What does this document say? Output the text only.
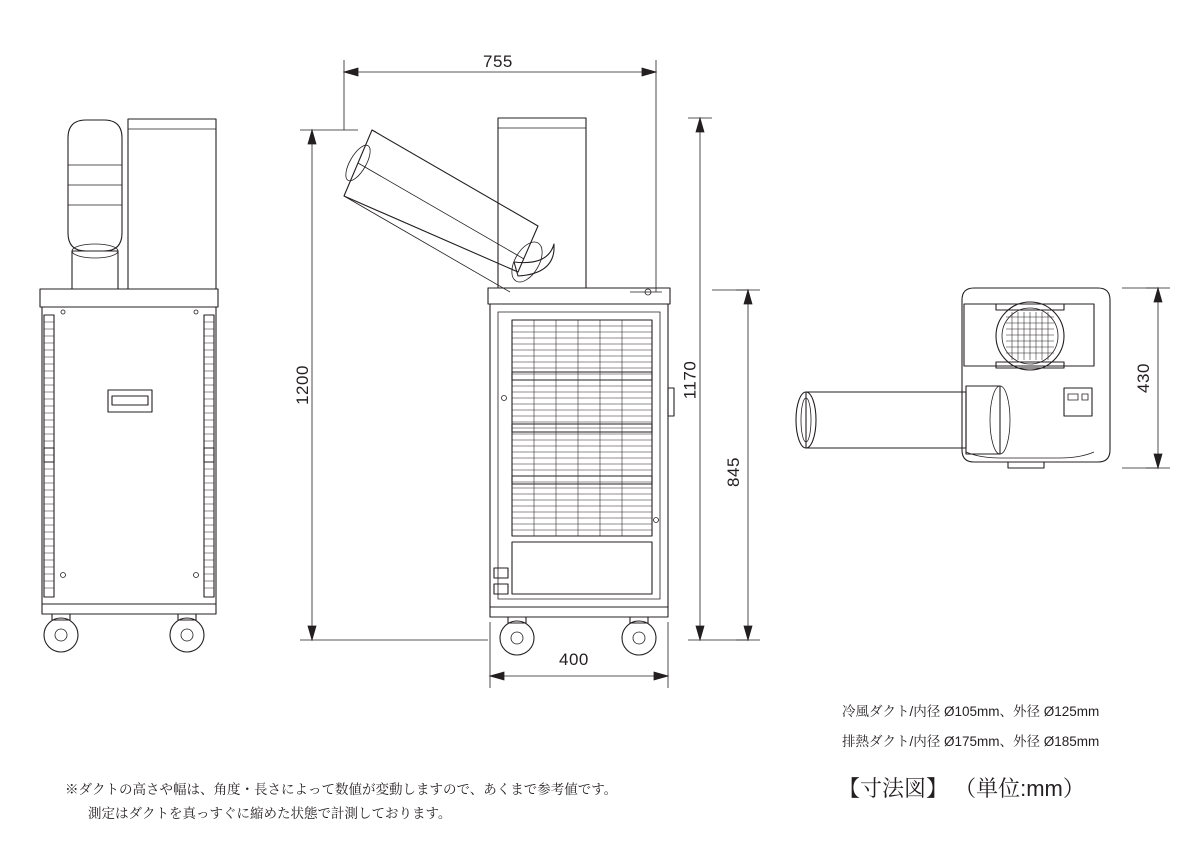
755
1200	1170
845
400
430
冷風ダクト/内径 Ø105mm、外径 Ø125mm
排熱ダクト/内径 Ø175mm、外径 Ø185mm
【寸法図】 （単位:mm）
※ダクトの高さや幅は、角度・長さによって数値が変動しますので、あくまで参考値です。
測定はダクトを真っすぐに縮めた状態で計測しております。
